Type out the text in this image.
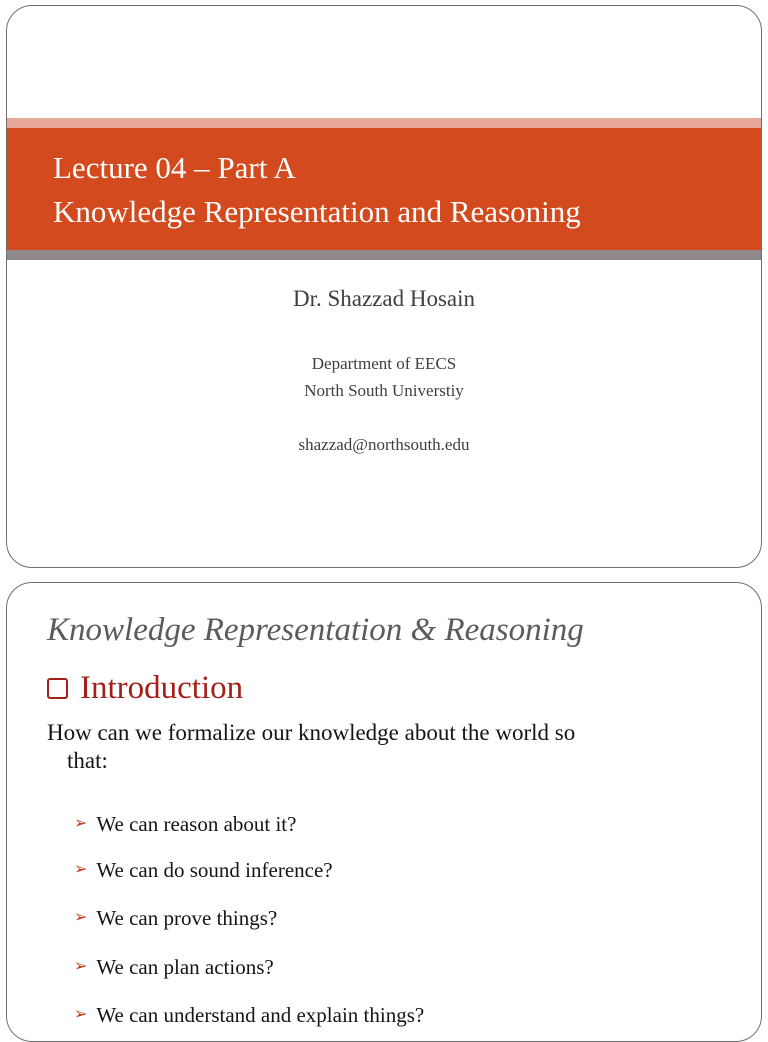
Lecture 04 – Part A
Knowledge Representation and Reasoning
Dr. Shazzad Hosain
Department of EECS
North South Universtiy
shazzad@northsouth.edu
Knowledge Representation & Reasoning
Introduction
How can we formalize our knowledge about the world so
that:
➢ We can reason about it?
➢ We can do sound inference?
➢ We can prove things?
➢ We can plan actions?
➢ We can understand and explain things?
